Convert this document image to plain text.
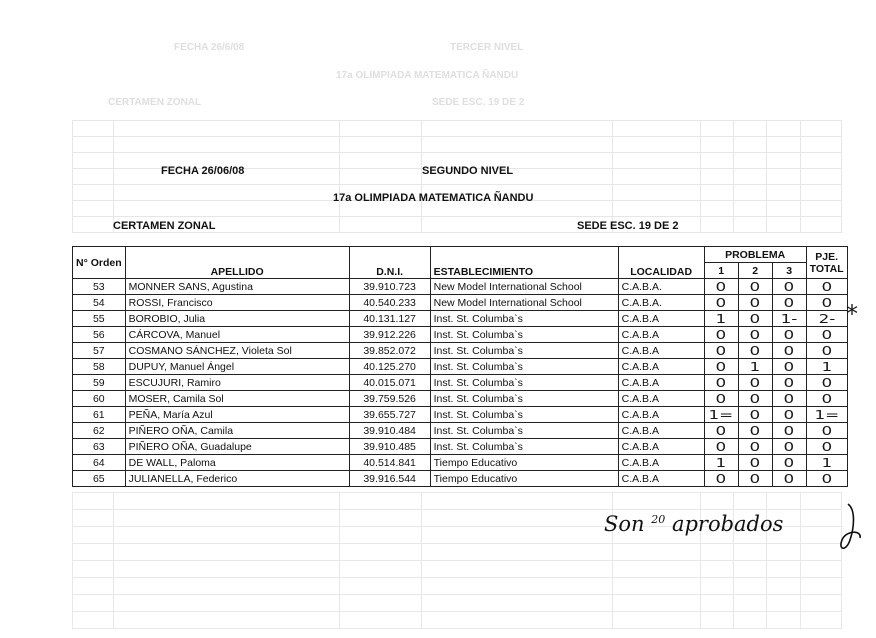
FECHA 26/6/08	TERCER NIVEL
17a OLIMPIADA MATEMATICA ÑANDU
CERTAMEN ZONAL	SEDE ESC. 19 DE 2

FECHA 26/06/08	SEGUNDO NIVEL
17a OLIMPIADA MATEMATICA ÑANDU
CERTAMEN ZONAL	SEDE ESC. 19 DE 2
N° Orden	APELLIDO	D.N.I.	ESTABLECIMIENTO	LOCALIDAD	PROBLEMA			PJE. TOTAL
					1	2	3	
53	MONNER SANS, Agustina	39.910.723	New Model International School	C.A.B.A.	0	0	0	0
54	ROSSI, Francisco	40.540.233	New Model International School	C.A.B.A.	0	0	0	0
55	BOROBIO, Julia	40.131.127	Inst. St. Columba`s	C.A.B.A	1	0	1-	2-
56	CÁRCOVA, Manuel	39.912.226	Inst. St. Columba`s	C.A.B.A	0	0	0	0
57	COSMANO SÁNCHEZ, Violeta Sol	39.852.072	Inst. St. Columba`s	C.A.B.A	0	0	0	0
58	DUPUY, Manuel Ángel	40.125.270	Inst. St. Columba`s	C.A.B.A	0	1	0	1
59	ESCUJURI, Ramiro	40.015.071	Inst. St. Columba`s	C.A.B.A	0	0	0	0
60	MOSER, Camila Sol	39.759.526	Inst. St. Columba`s	C.A.B.A	0	0	0	0
61	PEÑA, María Azul	39.655.727	Inst. St. Columba`s	C.A.B.A	1=	0	0	1=
62	PIÑERO OÑA, Camila	39.910.484	Inst. St. Columba`s	C.A.B.A	0	0	0	0
63	PIÑERO OÑA, Guadalupe	39.910.485	Inst. St. Columba`s	C.A.B.A	0	0	0	0
64	DE WALL, Paloma	40.514.841	Tiempo Educativo	C.A.B.A	1	0	0	1
65	JULIANELLA, Federico	39.916.544	Tiempo Educativo	C.A.B.A	0	0	0	0
*
Son $^{20}$ aprobados
